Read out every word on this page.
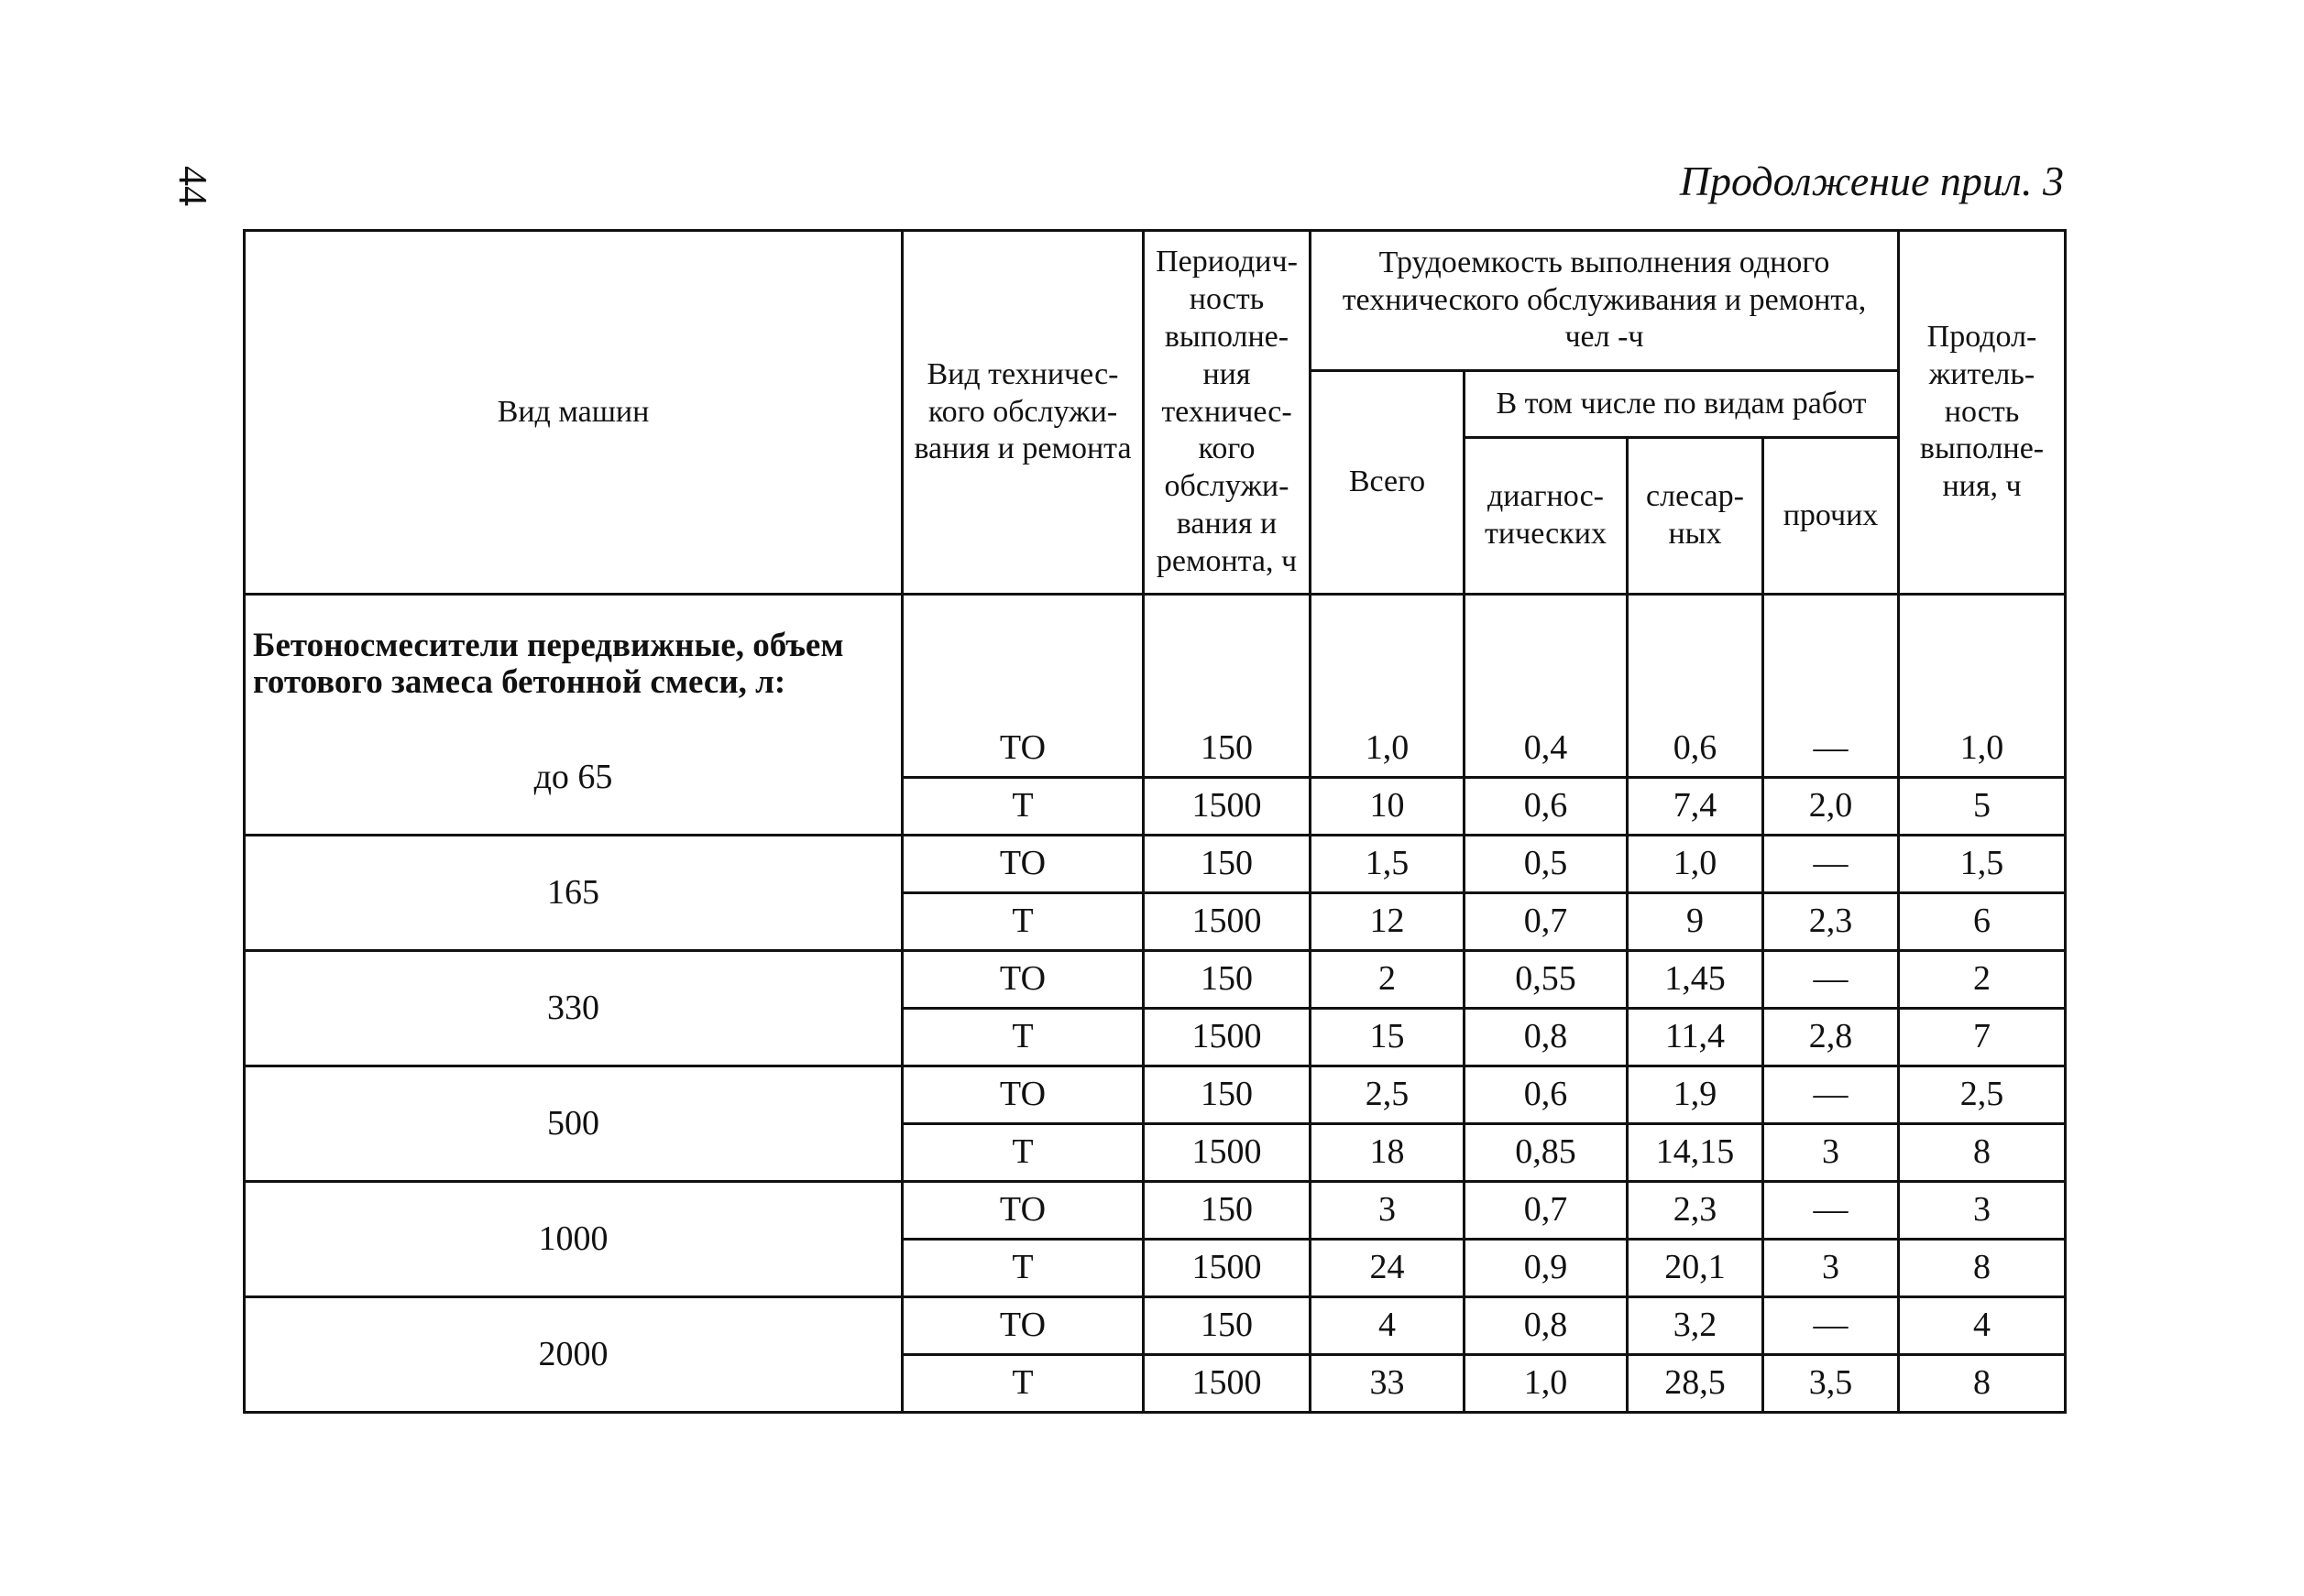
44	Продолжение прил. 3
Вид машин	Вид техничес-кого обслужи-вания и ремонта	Периодич-ность выполне-ния техничес-кого обслужи-вания и ремонта, ч	Трудоемкость выполнения одного технического обслуживания и ремонта, чел -ч				Продол-житель-ность выполне-ния, ч
			Всего	В том числе по видам работ			
				диагнос-тических	слесар-ных	прочих	
Бетоносмесители передвижные, объем готового замеса бетонной смеси, л:							
до 65	ТО	150	1,0	0,4	0,6	—	1,0
	Т	1500	10	0,6	7,4	2,0	5
165	ТО	150	1,5	0,5	1,0	—	1,5
	Т	1500	12	0,7	9	2,3	6
330	ТО	150	2	0,55	1,45	—	2
	Т	1500	15	0,8	11,4	2,8	7
500	ТО	150	2,5	0,6	1,9	—	2,5
	Т	1500	18	0,85	14,15	3	8
1000	ТО	150	3	0,7	2,3	—	3
	Т	1500	24	0,9	20,1	3	8
2000	ТО	150	4	0,8	3,2	—	4
	Т	1500	33	1,0	28,5	3,5	8
